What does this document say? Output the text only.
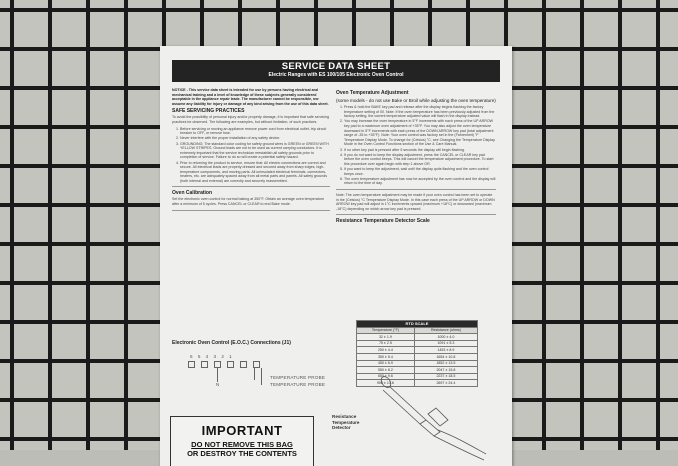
SERVICE DATA SHEET
Electric Ranges with ES 100/105 Electronic Oven Control
NOTICE - This service data sheet is intended for use by persons having electrical and mechanical training and a level of knowledge of these subjects generally considered acceptable in the appliance repair trade. The manufacturer cannot be responsible, nor assume any liability for injury or damage of any kind arising from the use of this data sheet.
SAFE SERVICING PRACTICES
To avoid the possibility of personal injury and/or property damage, it is important that safe servicing practices be observed. The following are examples, but without limitation, of such practices.
1. Before servicing or moving an appliance remove power cord from electrical outlet, trip circuit breaker to OFF, or remove fuse.
2. Never interfere with the proper installation of any safety device.
3. GROUNDING: The standard color coding for safety ground wires is GREEN or GREEN WITH YELLOW STRIPES. Ground leads are not to be used as current carrying conductors. It is extremely important that the service technician reestablish all safety grounds prior to completion of service. Failure to do so will create a potential safety hazard.
4. Prior to returning the product to service, ensure that: All electric connections are correct and secure. All electrical leads are properly dressed and secured away from sharp edges, high-temperature components, and moving parts. All uninsulated electrical terminals, connectors, heaters, etc. are adequately spaced away from all metal parts and panels. All safety grounds (both internal and external) are correctly and securely reassembled.
Oven Calibration
Set the electronic oven control for normal baking at 350°F. Obtain an average oven temperature after a minimum of 5 cycles. Press CANCEL or CLEAR to end Bake mode.
Electronic Oven Control (E.O.C.) Connections (J1)
6 5 4 3 2 1
N
TEMPERATURE PROBE
TEMPERATURE PROBE
Oven Temperature Adjustment
(some models - do not use Bake or Broil while adjusting the oven temperature)
1. Press & hold the BAKE key pad and release after the display begins flashing the factory temperature setting of 00. Note: If the oven temperature has been previously adjusted from the factory setting, the current temperature adjusted value will flash in the display instead.
2. You may increase the oven temperature in 5°F increments with each press of the UP ARROW key pad to a maximum oven adjustment of +35°F. You may also adjust the oven temperature downward in 5°F increments with each press of the DOWN ARROW key pad (total adjustment range of -35 to +35°F). Note: Your oven control was factory set in the (Fahrenheit) °F Temperature Display Mode. To change for (Celsius) °C, see Changing the Temperature Display Mode in the Oven Control Functions section of the Use & Care Manual.
3. If no other key pad is pressed after 5 seconds the display will begin flashing.
4. If you do not want to keep the display adjustment, press the CANCEL or CLEAR key pad before the oven control beeps. This will cancel the temperature adjustment procedure. To start this procedure over again begin with step 1 above OR.
5. If you want to keep the adjustment, wait until the display quits flashing and the oven control beeps once.
6. The oven temperature adjustment has now be accepted by the oven control and the display will return to the time of day.
Note: The oven temperature adjustment may be made if your oven control has been set to operate in the (Celsius) °C Temperature Display Mode. In this case each press of the UP ARROW or DOWN ARROW key pad will adjust in 1°C increments upward (maximum +18°C) or downward (maximum -18°C) depending on which arrow key pad is pressed.
Resistance Temperature Detector Scale
RTD SCALE	
Temperature (°F)	Resistance (ohms)
32 ± 1.9	1000 ± 4.0
75 ± 2.5	1091 ± 5.3
250 ± 4.4	1453 ± 8.9
350 ± 5.4	1654 ± 10.8
450 ± 6.9	1852 ± 13.5
550 ± 8.2	2047 ± 15.8
650 ± 9.6	2237 ± 18.5
900 ± 13.6	2697 ± 24.4
Resistance Temperature Detector
IMPORTANT
DO NOT REMOVE THIS BAG
OR DESTROY THE CONTENTS
